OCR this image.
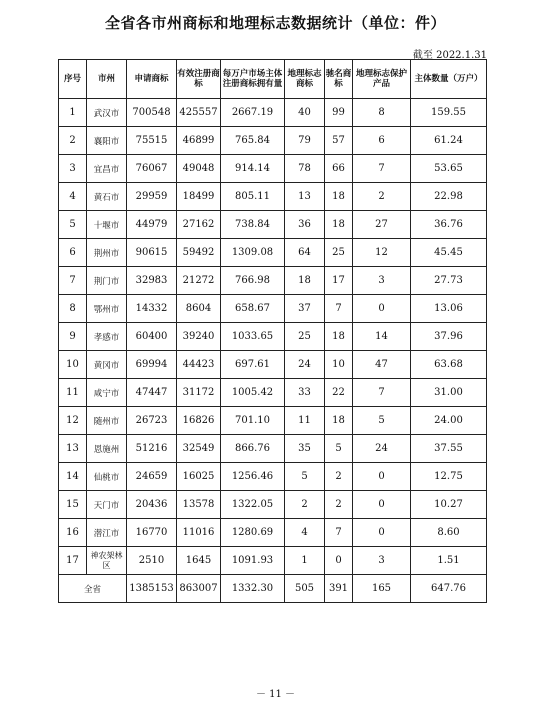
全省各市州商标和地理标志数据统计（单位：件）
截至 2022.1.31
序号	市州	申请商标	有效注册商标	每万户市场主体注册商标拥有量	地理标志商标	驰名商标	地理标志保护产品	主体数量（万户）
1	武汉市	700548	425557	2667.19	40	99	8	159.55
2	襄阳市	75515	46899	765.84	79	57	6	61.24
3	宜昌市	76067	49048	914.14	78	66	7	53.65
4	黄石市	29959	18499	805.11	13	18	2	22.98
5	十堰市	44979	27162	738.84	36	18	27	36.76
6	荆州市	90615	59492	1309.08	64	25	12	45.45
7	荆门市	32983	21272	766.98	18	17	3	27.73
8	鄂州市	14332	8604	658.67	37	7	0	13.06
9	孝感市	60400	39240	1033.65	25	18	14	37.96
10	黄冈市	69994	44423	697.61	24	10	47	63.68
11	咸宁市	47447	31172	1005.42	33	22	7	31.00
12	随州市	26723	16826	701.10	11	18	5	24.00
13	恩施州	51216	32549	866.76	35	5	24	37.55
14	仙桃市	24659	16025	1256.46	5	2	0	12.75
15	天门市	20436	13578	1322.05	2	2	0	10.27
16	潜江市	16770	11016	1280.69	4	7	0	8.60
17	神农架林区	2510	1645	1091.93	1	0	3	1.51
全省		1385153	863007	1332.30	505	391	165	647.76
－ 11 －
